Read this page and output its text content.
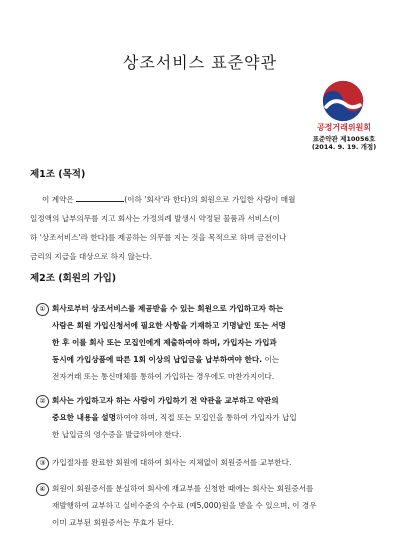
상조서비스 표준약관
공정거래위원회
표준약관 제10056호
(2014. 9. 19. 개정)
제1조 (목적)
이 계약은	(이하 '회사'라 한다)의 회원으로 가입한 사람이 매월
일정액의 납부의무를 지고 회사는 가정의례 발생시 약정된 물품과 서비스(이
하 '상조서비스'라 한다)를 제공하는 의무를 지는 것을 목적으로 하며 금전이나
금리의 지급을 대상으로 하지 않는다.
제2조 (회원의 가입)
① 회사로부터 상조서비스를 제공받을 수 있는 회원으로 가입하고자 하는
사람은 회원 가입신청서에 필요한 사항을 기재하고 기명날인 또는 서명
한 후 이를 회사 또는 모집인에게 제출하여야 하며, 가입자는 가입과
동시에 가입상품에 따른 1회 이상의 납입금을 납부하여야 한다. 이는
전자거래 또는 통신매체를 통하여 가입하는 경우에도 마찬가지이다.
② 회사는 가입하고자 하는 사람이 가입하기 전 약관을 교부하고 약관의
중요한 내용을 설명하여야 하며, 직접 또는 모집인을 통하여 가입자가 납입
한 납입금의 영수증을 발급하여야 한다.
③ 가입절차를 완료한 회원에 대하여 회사는 지체없이 회원증서를 교부한다.
④ 회원이 회원증서를 분실하여 회사에 재교부를 신청한 때에는 회사는 회원증서를
재발행하여 교부하고 실비수준의 수수료 (예5,000)원을 받을 수 있으며, 이 경우
이미 교부된 회원증서는 무효가 된다.
